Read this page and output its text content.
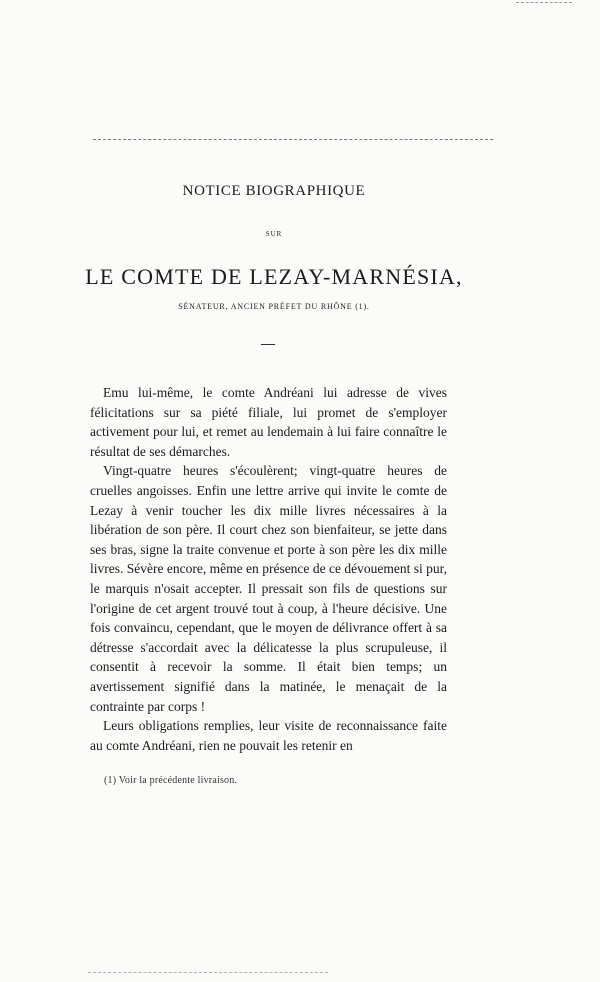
NOTICE BIOGRAPHIQUE
SUR
LE COMTE DE LEZAY-MARNÉSIA,
SÉNATEUR, ANCIEN PRÉFET DU RHÔNE (1).

Emu lui-même, le comte Andréani lui adresse de vives félicitations sur sa piété filiale, lui promet de s'employer activement pour lui, et remet au lendemain à lui faire connaître le résultat de ses démarches.

Vingt-quatre heures s'écoulèrent; vingt-quatre heures de cruelles angoisses. Enfin une lettre arrive qui invite le comte de Lezay à venir toucher les dix mille livres nécessaires à la libération de son père. Il court chez son bienfaiteur, se jette dans ses bras, signe la traite convenue et porte à son père les dix mille livres. Sévère encore, même en présence de ce dévouement si pur, le marquis n'osait accepter. Il pressait son fils de questions sur l'origine de cet argent trouvé tout à coup, à l'heure décisive. Une fois convaincu, cependant, que le moyen de délivrance offert à sa détresse s'accordait avec la délicatesse la plus scrupuleuse, il consentit à recevoir la somme. Il était bien temps; un avertissement signifié dans la matinée, le menaçait de la contrainte par corps !

Leurs obligations remplies, leur visite de reconnaissance faite au comte Andréani, rien ne pouvait les retenir en

(1) Voir la précédente livraison.
